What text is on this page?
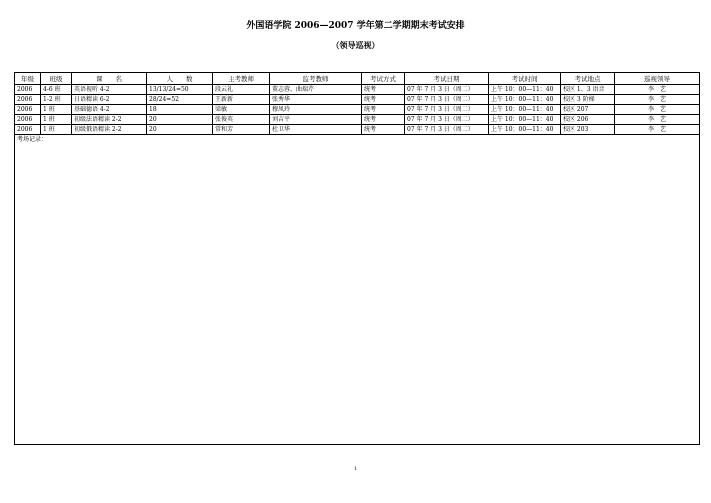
外国语学院 2006—2007 学年第二学期期末考试安排
（领导巡视）
年级	班级	课　　名	人　　数	主考教师	监考教师	考试方式	考试日期	考试时间	考试地点	巡视领导
2006	4-6 班	英语视听 4-2	13/13/24=50	段云礼	董志蓉、曲瑞芹	统考	07 年 7 月 3 日（周二）	上午 10：00—11：40	校区 1、3 语音	李　艺
2006	1-2 班	日语精读 6-2	28/24=52	王新新	张秀华	统考	07 年 7 月 3 日（周二）	上午 10：00—11：40	校区 3 阶梯	李　艺
2006	1 班	基础德语 4-2	18	梁敏	穆凤玲	统考	07 年 7 月 3 日（周二）	上午 10：00—11：40	校区 207	李　艺
2006	1 班	初级法语精读 2-2	20	张俊英	刘吉平	统考	07 年 7 月 3 日（周二）	上午 10：00—11：40	校区 206	李　艺
2006	1 班	初级俄语精读 2-2	20	常和芳	杜卫华	统考	07 年 7 月 3 日（周二）	上午 10：00—11：40	校区 203	李　艺
考场记录：										
1
